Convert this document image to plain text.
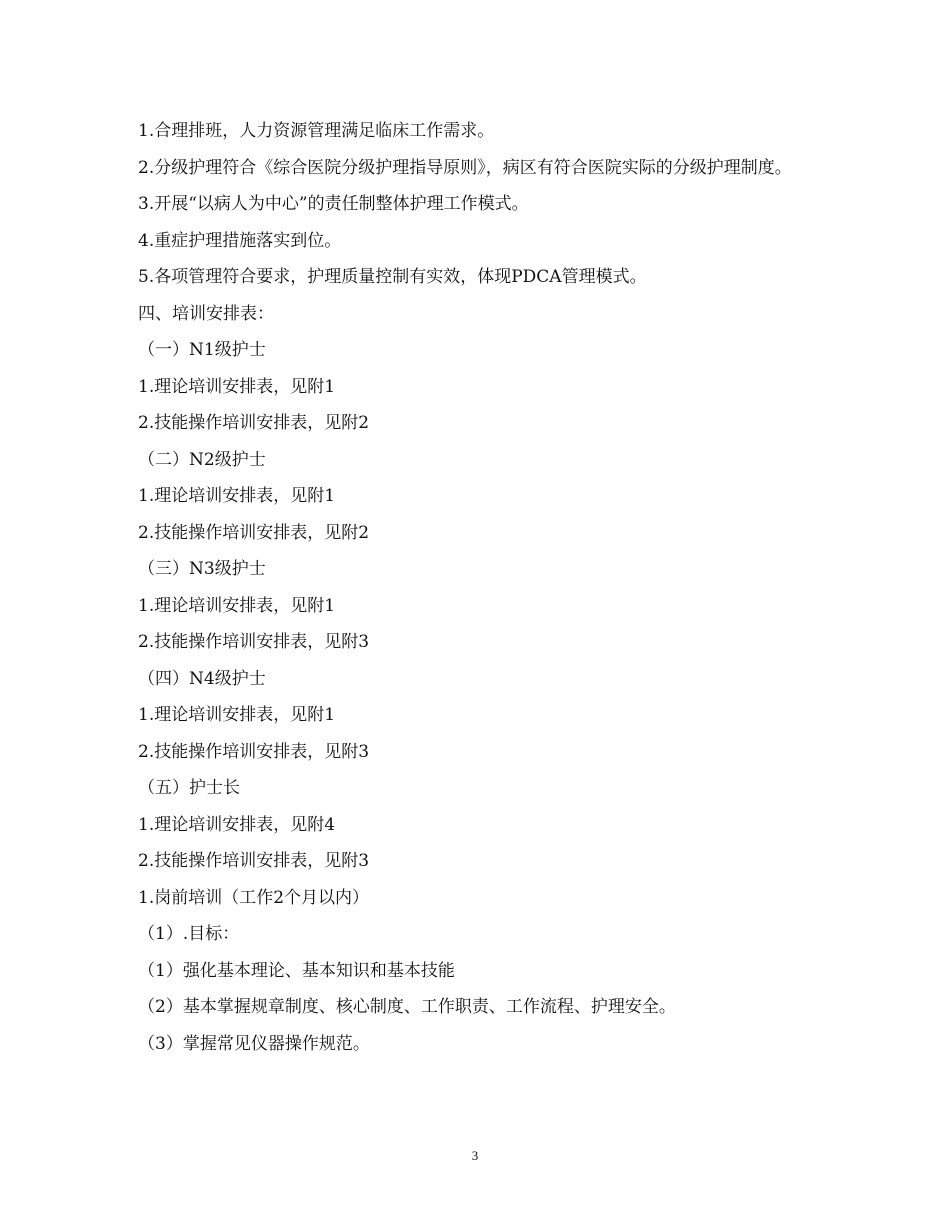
1.合理排班，人力资源管理满足临床工作需求。
2.分级护理符合《综合医院分级护理指导原则》，病区有符合医院实际的分级护理制度。
3.开展“以病人为中心”的责任制整体护理工作模式。
4.重症护理措施落实到位。
5.各项管理符合要求，护理质量控制有实效，体现PDCA管理模式。
四、培训安排表：
（一）N1级护士
1.理论培训安排表，见附1
2.技能操作培训安排表，见附2
（二）N2级护士
1.理论培训安排表，见附1
2.技能操作培训安排表，见附2
（三）N3级护士
1.理论培训安排表，见附1
2.技能操作培训安排表，见附3
（四）N4级护士
1.理论培训安排表，见附1
2.技能操作培训安排表，见附3
（五）护士长
1.理论培训安排表，见附4
2.技能操作培训安排表，见附3
1.岗前培训（工作2个月以内）
（1）.目标：
（1）强化基本理论、基本知识和基本技能
（2）基本掌握规章制度、核心制度、工作职责、工作流程、护理安全。
（3）掌握常见仪器操作规范。
3
